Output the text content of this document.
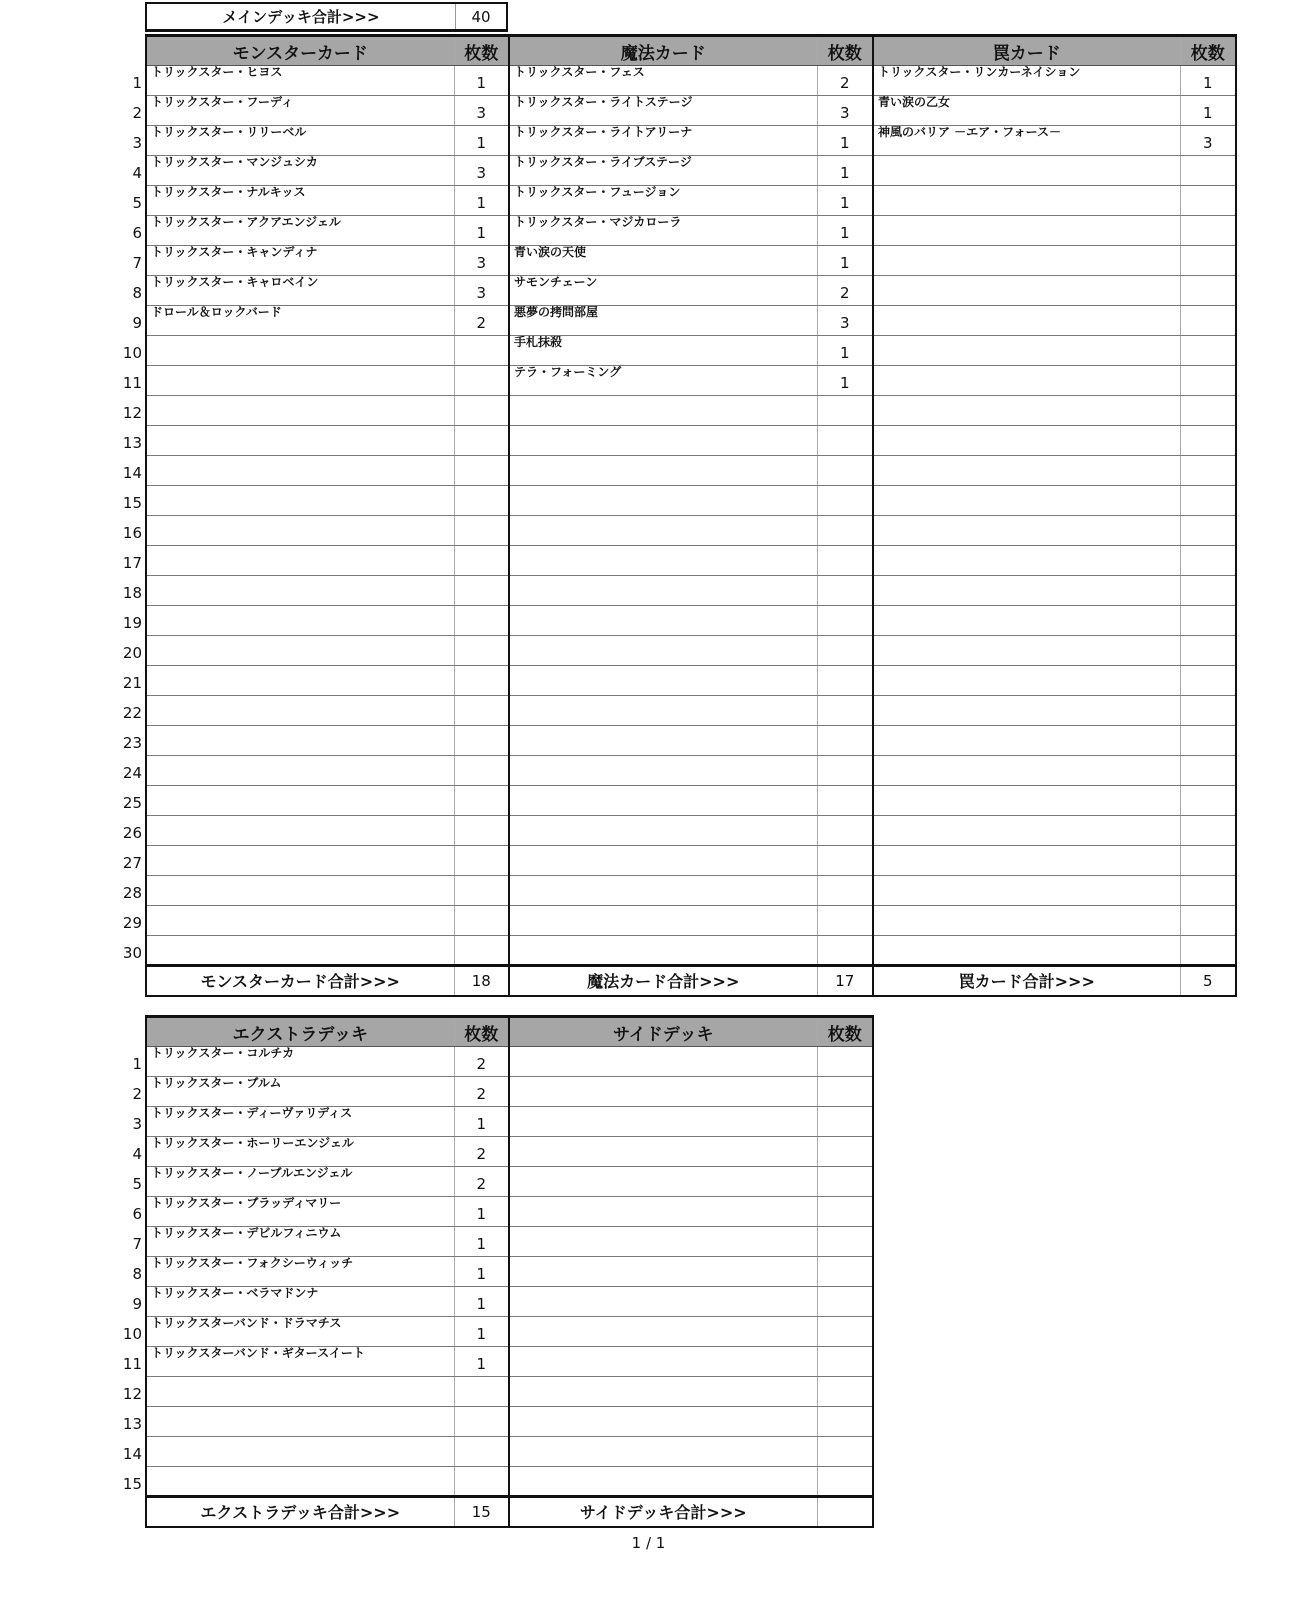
メインデッキ合計>>>	40
1
2
3
4
5
6
7
8
9
10
11
12
13
14
15
16
17
18
19
20
21
22
23
24
25
26
27
28
29
30
モンスターカード	枚数	魔法カード	枚数	罠カード	枚数
トリックスター・ヒヨス	1	トリックスター・フェス	2	トリックスター・リンカーネイション	1
トリックスター・フーディ	3	トリックスター・ライトステージ	3	青い涙の乙女	1
トリックスター・リリーベル	1	トリックスター・ライトアリーナ	1	神風のバリア －エア・フォース－	3
トリックスター・マンジュシカ	3	トリックスター・ライブステージ	1		
トリックスター・ナルキッス	1	トリックスター・フュージョン	1		
トリックスター・アクアエンジェル	1	トリックスター・マジカローラ	1		
トリックスター・キャンディナ	3	青い涙の天使	1		
トリックスター・キャロベイン	3	サモンチェーン	2		
ドロール＆ロックバード	2	悪夢の拷問部屋	3		
		手札抹殺	1		
		テラ・フォーミング	1		

モンスターカード合計>>>	18	魔法カード合計>>>	17	罠カード合計>>>	5
1
2
3
4
5
6
7
8
9
10
11
12
13
14
15
エクストラデッキ	枚数	サイドデッキ	枚数
トリックスター・コルチカ	2		
トリックスター・ブルム	2		
トリックスター・ディーヴァリディス	1		
トリックスター・ホーリーエンジェル	2		
トリックスター・ノーブルエンジェル	2		
トリックスター・ブラッディマリー	1		
トリックスター・デビルフィニウム	1		
トリックスター・フォクシーウィッチ	1		
トリックスター・ベラマドンナ	1		
トリックスターバンド・ドラマチス	1		
トリックスターバンド・ギタースイート	1		

エクストラデッキ合計>>>	15	サイドデッキ合計>>>	
1 / 1
